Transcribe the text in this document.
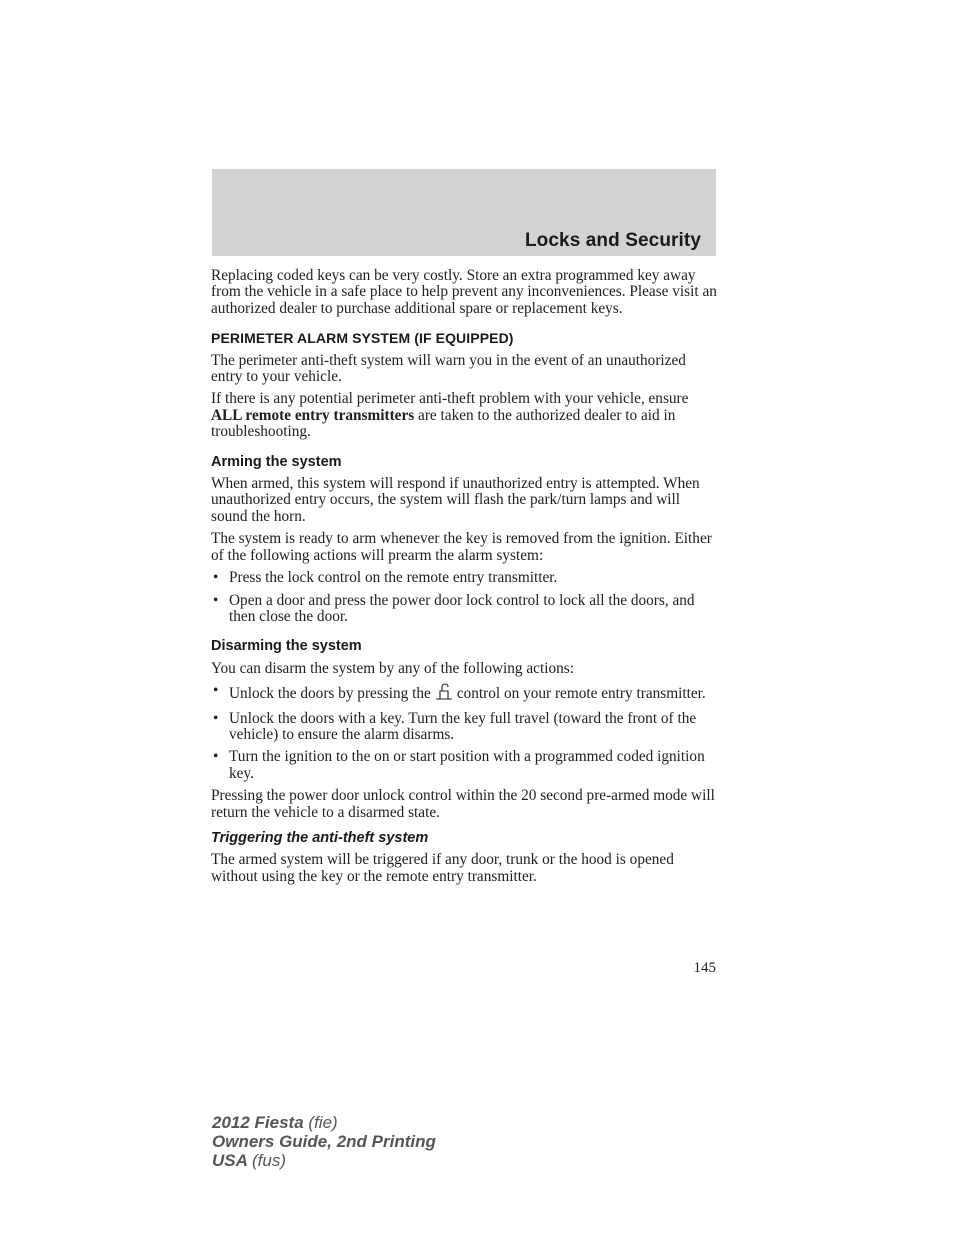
Locks and Security

Replacing coded keys can be very costly. Store an extra programmed key away from the vehicle in a safe place to help prevent any inconveniences. Please visit an authorized dealer to purchase additional spare or replacement keys.

PERIMETER ALARM SYSTEM (IF EQUIPPED)

The perimeter anti-theft system will warn you in the event of an unauthorized entry to your vehicle.

If there is any potential perimeter anti-theft problem with your vehicle, ensure ALL remote entry transmitters are taken to the authorized dealer to aid in troubleshooting.

Arming the system

When armed, this system will respond if unauthorized entry is attempted. When unauthorized entry occurs, the system will flash the park/turn lamps and will sound the horn.

The system is ready to arm whenever the key is removed from the ignition. Either of the following actions will prearm the alarm system:

• Press the lock control on the remote entry transmitter.
• Open a door and press the power door lock control to lock all the doors, and then close the door.
Disarming the system

You can disarm the system by any of the following actions:

• Unlock the doors by pressing the control on your remote entry transmitter.
• Unlock the doors with a key. Turn the key full travel (toward the front of the vehicle) to ensure the alarm disarms.
• Turn the ignition to the on or start position with a programmed coded ignition key.

Pressing the power door unlock control within the 20 second pre-armed mode will return the vehicle to a disarmed state.

Triggering the anti-theft system

The armed system will be triggered if any door, trunk or the hood is opened without using the key or the remote entry transmitter.

145
2012 Fiesta (fie)
Owners Guide, 2nd Printing
USA (fus)
